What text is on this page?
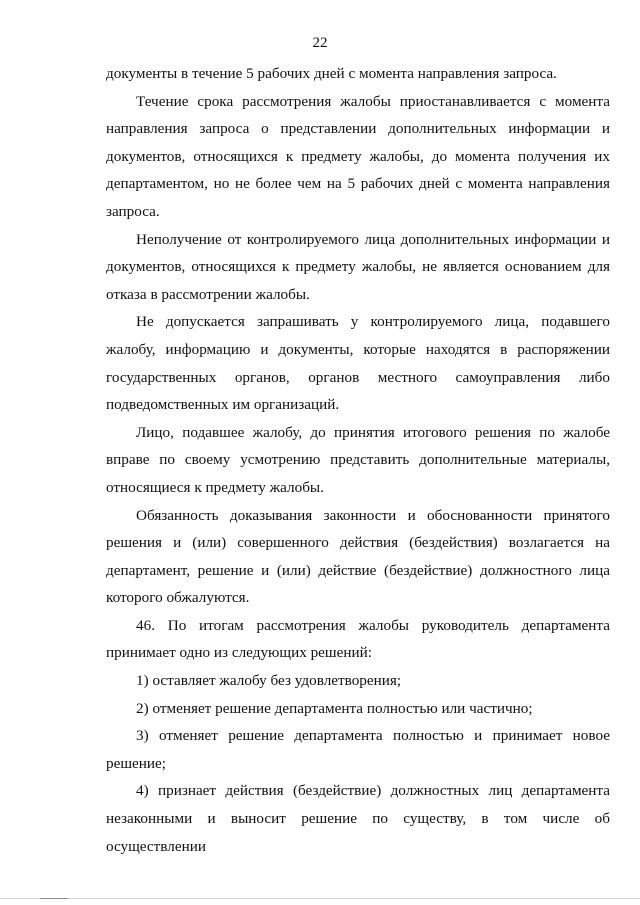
22

документы в течение 5 рабочих дней с момента направления запроса.

Течение срока рассмотрения жалобы приостанавливается с момента направления запроса о представлении дополнительных информации и документов, относящихся к предмету жалобы, до момента получения их департаментом, но не более чем на 5 рабочих дней с момента направления запроса.

Неполучение от контролируемого лица дополнительных информации и документов, относящихся к предмету жалобы, не является основанием для отказа в рассмотрении жалобы.

Не допускается запрашивать у контролируемого лица, подавшего жалобу, информацию и документы, которые находятся в распоряжении государственных органов, органов местного самоуправления либо подведомственных им организаций.

Лицо, подавшее жалобу, до принятия итогового решения по жалобе вправе по своему усмотрению представить дополнительные материалы, относящиеся к предмету жалобы.

Обязанность доказывания законности и обоснованности принятого решения и (или) совершенного действия (бездействия) возлагается на департамент, решение и (или) действие (бездействие) должностного лица которого обжалуются.

46. По итогам рассмотрения жалобы руководитель департамента принимает одно из следующих решений:

1) оставляет жалобу без удовлетворения;

2) отменяет решение департамента полностью или частично;

3) отменяет решение департамента полностью и принимает новое решение;

4) признает действия (бездействие) должностных лиц департамента незаконными и выносит решение по существу, в том числе об осуществлении
